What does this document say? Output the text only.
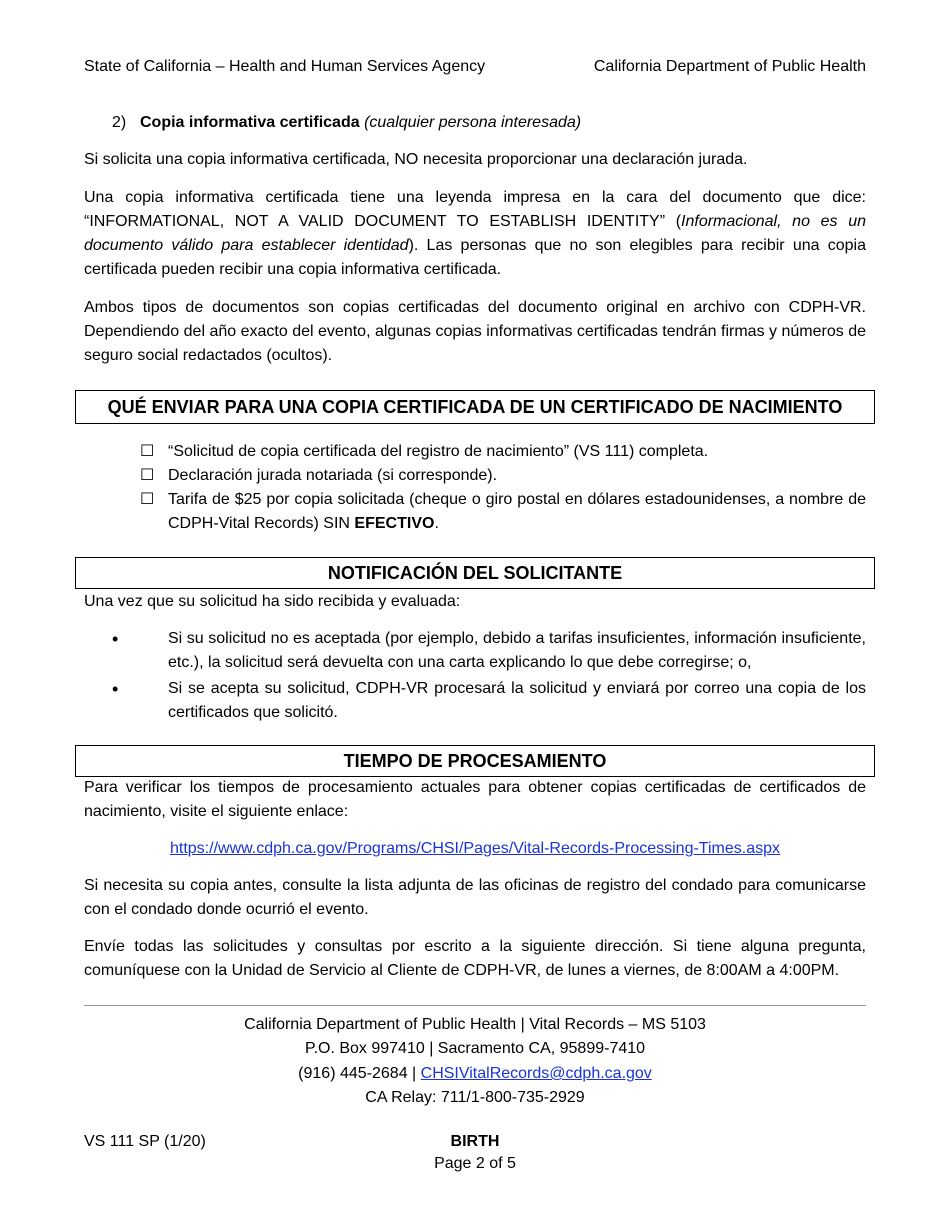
State of California – Health and Human Services Agency	California Department of Public Health
2) Copia informativa certificada (cualquier persona interesada)
Si solicita una copia informativa certificada, NO necesita proporcionar una declaración jurada.
Una copia informativa certificada tiene una leyenda impresa en la cara del documento que dice: “INFORMATIONAL, NOT A VALID DOCUMENT TO ESTABLISH IDENTITY” (Informacional, no es un documento válido para establecer identidad). Las personas que no son elegibles para recibir una copia certificada pueden recibir una copia informativa certificada.
Ambos tipos de documentos son copias certificadas del documento original en archivo con CDPH-VR. Dependiendo del año exacto del evento, algunas copias informativas certificadas tendrán firmas y números de seguro social redactados (ocultos).
QUÉ ENVIAR PARA UNA COPIA CERTIFICADA DE UN CERTIFICADO DE NACIMIENTO
☐ “Solicitud de copia certificada del registro de nacimiento” (VS 111) completa.
☐ Declaración jurada notariada (si corresponde).
☐ Tarifa de $25 por copia solicitada (cheque o giro postal en dólares estadounidenses, a nombre de CDPH-Vital Records) SIN EFECTIVO.
NOTIFICACIÓN DEL SOLICITANTE
Una vez que su solicitud ha sido recibida y evaluada:
•	Si su solicitud no es aceptada (por ejemplo, debido a tarifas insuficientes, información insuficiente, etc.), la solicitud será devuelta con una carta explicando lo que debe corregirse; o,
•	Si se acepta su solicitud, CDPH-VR procesará la solicitud y enviará por correo una copia de los certificados que solicitó.
TIEMPO DE PROCESAMIENTO
Para verificar los tiempos de procesamiento actuales para obtener copias certificadas de certificados de nacimiento, visite el siguiente enlace:
https://www.cdph.ca.gov/Programs/CHSI/Pages/Vital-Records-Processing-Times.aspx
Si necesita su copia antes, consulte la lista adjunta de las oficinas de registro del condado para comunicarse con el condado donde ocurrió el evento.
Envíe todas las solicitudes y consultas por escrito a la siguiente dirección. Si tiene alguna pregunta, comuníquese con la Unidad de Servicio al Cliente de CDPH-VR, de lunes a viernes, de 8:00AM a 4:00PM.
California Department of Public Health | Vital Records – MS 5103
P.O. Box 997410 | Sacramento CA, 95899-7410
(916) 445-2684 | CHSIVitalRecords@cdph.ca.gov
CA Relay: 711/1-800-735-2929
VS 111 SP (1/20)	BIRTH
Page 2 of 5
